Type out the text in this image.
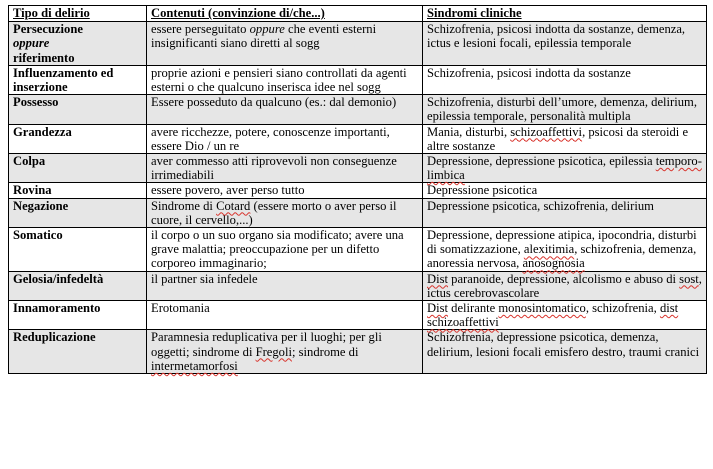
Tipo di delirio	Contenuti (convinzione di/che...)	Sindromi cliniche
Persecuzione
oppure
riferimento	essere perseguitato oppure che eventi esterni insignificanti siano diretti al sogg	Schizofrenia, psicosi indotta da sostanze, demenza, ictus e lesioni focali, epilessia temporale
Influenzamento ed inserzione	proprie azioni e pensieri siano controllati da agenti esterni o che qualcuno inserisca idee nel sogg	Schizofrenia, psicosi indotta da sostanze
Possesso	Essere posseduto da qualcuno (es.: dal demonio)	Schizofrenia, disturbi dell’umore, demenza, delirium, epilessia temporale, personalità multipla
Grandezza	avere ricchezze, potere, conoscenze importanti, essere Dio / un re	Mania, disturbi, schizoaffettivi, psicosi da steroidi e altre sostanze
Colpa	aver commesso atti riprovevoli non conseguenze irrimediabili	Depressione, depressione psicotica, epilessia temporo-limbica
Rovina	essere povero, aver perso tutto	Depressione psicotica
Negazione	Sindrome di Cotard (essere morto o aver perso il cuore, il cervello,...)	Depressione psicotica, schizofrenia, delirium
Somatico	il corpo o un suo organo sia modificato; avere una grave malattia; preoccupazione per un difetto corporeo immaginario;	Depressione, depressione atipica, ipocondria, disturbi di somatizzazione, alexitimia, schizofrenia, demenza, anoressia nervosa, anosognosia
Gelosia/infedeltà	il partner sia infedele	Dist paranoide, depressione, alcolismo e abuso di sost, ictus cerebrovascolare
Innamoramento	Erotomania	Dist delirante monosintomatico, schizofrenia, dist schizoaffettivi
Reduplicazione	Paramnesia reduplicativa per il luoghi; per gli oggetti; sindrome di Fregoli; sindrome di intermetamorfosi	Schizofrenia, depressione psicotica, demenza, delirium, lesioni focali emisfero destro, traumi cranici
